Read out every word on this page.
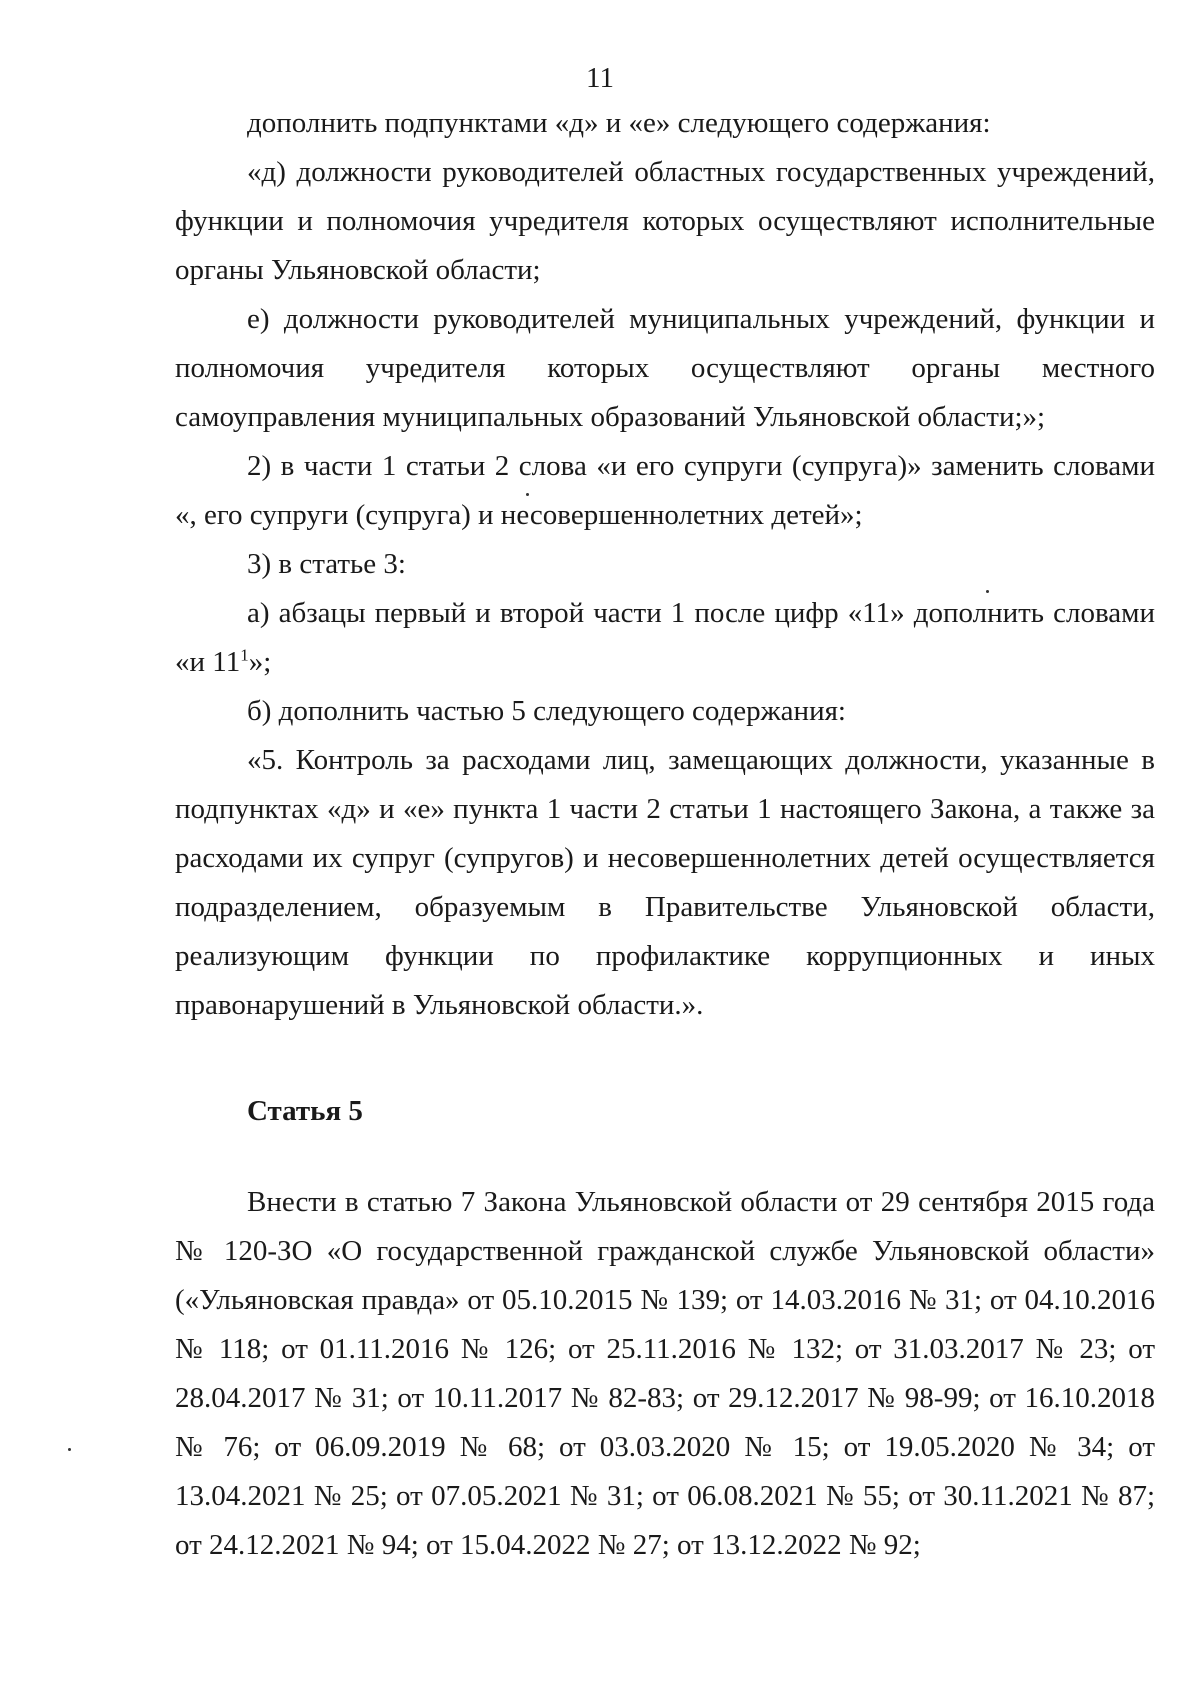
11

дополнить подпунктами «д» и «е» следующего содержания:

«д) должности руководителей областных государственных учреждений, функции и полномочия учредителя которых осуществляют исполнительные органы Ульяновской области;

е) должности руководителей муниципальных учреждений, функции и полномочия учредителя которых осуществляют органы местного самоуправления муниципальных образований Ульяновской области;»;

2) в части 1 статьи 2 слова «и его супруги (супруга)» заменить словами «, его супруги (супруга) и несовершеннолетних детей»;

3) в статье 3:

а) абзацы первый и второй части 1 после цифр «11» дополнить словами «и $11^1$»;

б) дополнить частью 5 следующего содержания:

«5. Контроль за расходами лиц, замещающих должности, указанные в подпунктах «д» и «е» пункта 1 части 2 статьи 1 настоящего Закона, а также за расходами их супруг (супругов) и несовершеннолетних детей осуществляется подразделением, образуемым в Правительстве Ульяновской области, реализующим функции по профилактике коррупционных и иных правонарушений в Ульяновской области.».

Статья 5

Внести в статью 7 Закона Ульяновской области от 29 сентября 2015 года № 120-ЗО «О государственной гражданской службе Ульяновской области» («Ульяновская правда» от 05.10.2015 № 139; от 14.03.2016 № 31; от 04.10.2016 № 118; от 01.11.2016 № 126; от 25.11.2016 № 132; от 31.03.2017 № 23; от 28.04.2017 № 31; от 10.11.2017 № 82-83; от 29.12.2017 № 98-99; от 16.10.2018 № 76; от 06.09.2019 № 68; от 03.03.2020 № 15; от 19.05.2020 № 34; от 13.04.2021 № 25; от 07.05.2021 № 31; от 06.08.2021 № 55; от 30.11.2021 № 87; от 24.12.2021 № 94; от 15.04.2022 № 27; от 13.12.2022 № 92;
